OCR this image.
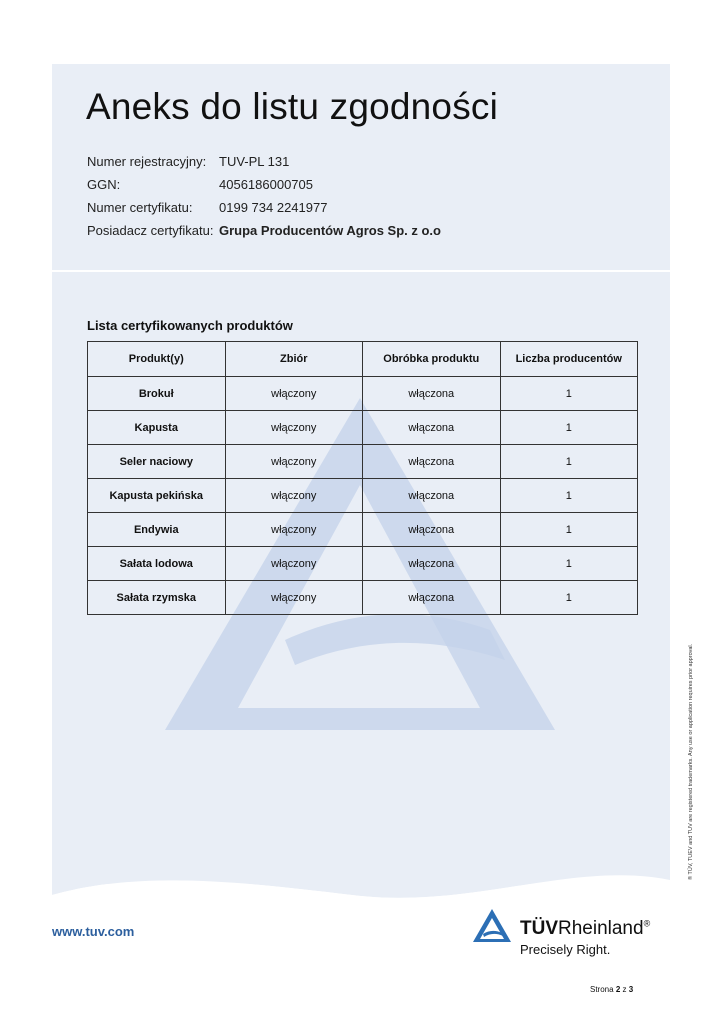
Aneks do listu zgodności
Numer rejestracyjny: TUV-PL 131
GGN:	4056186000705
Numer certyfikatu:	0199 734 2241977
Posiadacz certyfikatu: Grupa Producentów Agros Sp. z o.o
Lista certyfikowanych produktów
Produkt(y)	Zbiór	Obróbka produktu	Liczba producentów
Brokuł	włączony	włączona	1
Kapusta	włączony	włączona	1
Seler naciowy	włączony	włączona	1
Kapusta pekińska	włączony	włączona	1
Endywia	włączony	włączona	1
Sałata lodowa	włączony	włączona	1
Sałata rzymska	włączony	włączona	1
® TÜV, TUEV and TUV are registered trademarks. Any use or application requires prior approval.
www.tuv.com	TÜVRheinland®
Precisely Right.
Strona 2 z 3
